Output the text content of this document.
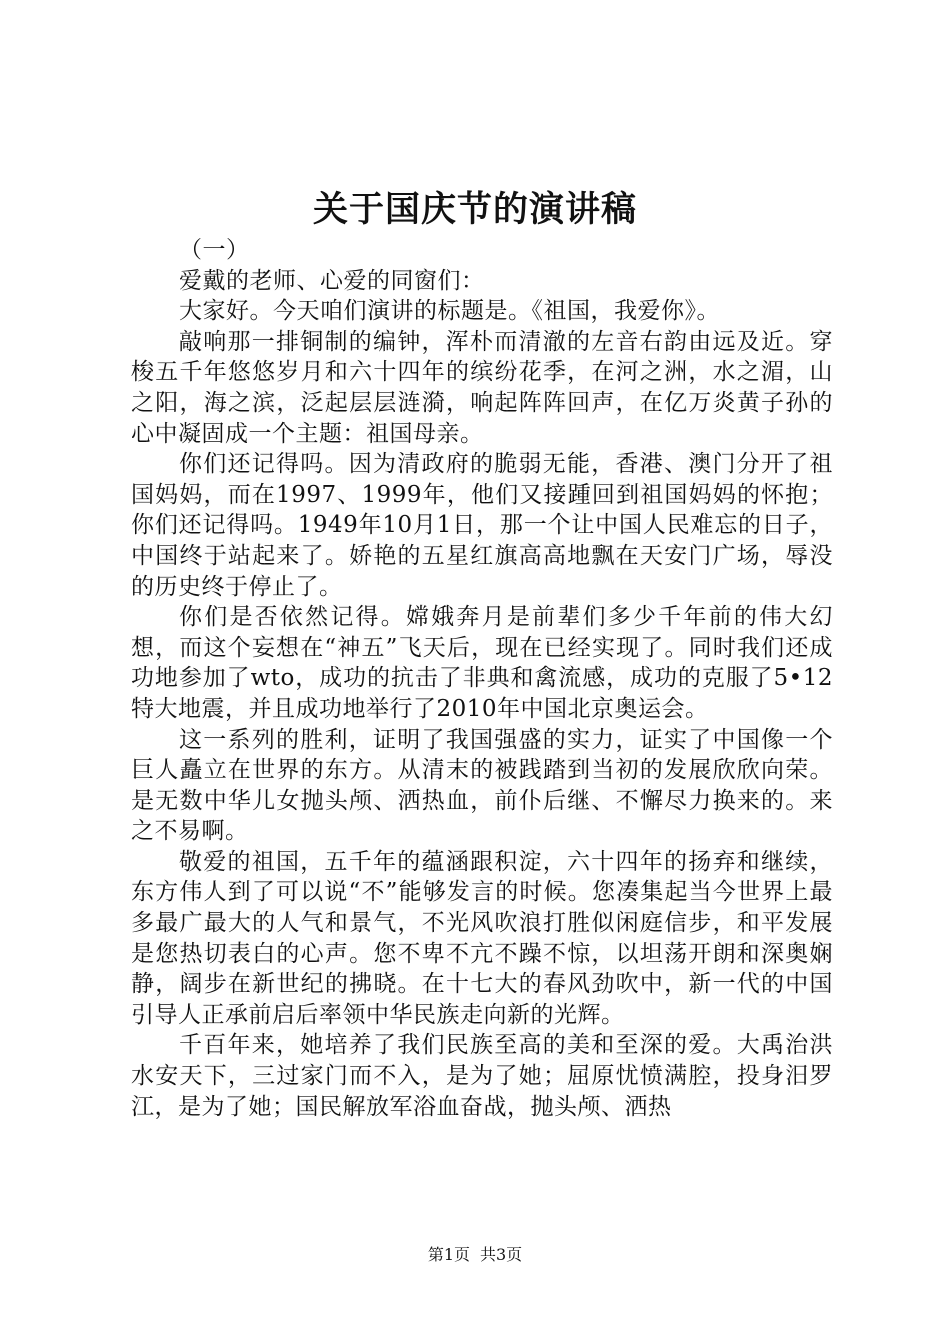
关于国庆节的演讲稿

（一）

爱戴的老师、心爱的同窗们：

大家好。今天咱们演讲的标题是。《祖国，我爱你》。

敲响那一排铜制的编钟，浑朴而清澈的左音右韵由远及近。穿梭五千年悠悠岁月和六十四年的缤纷花季，在河之洲，水之湄，山之阳，海之滨，泛起层层涟漪，响起阵阵回声，在亿万炎黄子孙的心中凝固成一个主题：祖国母亲。

你们还记得吗。因为清政府的脆弱无能，香港、澳门分开了祖国妈妈，而在1997、1999年，他们又接踵回到祖国妈妈的怀抱；你们还记得吗。1949年10月1日，那一个让中国人民难忘的日子，中国终于站起来了。娇艳的五星红旗高高地飘在天安门广场，辱没的历史终于停止了。

你们是否依然记得。嫦娥奔月是前辈们多少千年前的伟大幻想，而这个妄想在“神五”飞天后，现在已经实现了。同时我们还成功地参加了wto，成功的抗击了非典和禽流感，成功的克服了5•12特大地震，并且成功地举行了2010年中国北京奥运会。

这一系列的胜利，证明了我国强盛的实力，证实了中国像一个巨人矗立在世界的东方。从清末的被践踏到当初的发展欣欣向荣。是无数中华儿女抛头颅、洒热血，前仆后继、不懈尽力换来的。来之不易啊。

敬爱的祖国，五千年的蕴涵跟积淀，六十四年的扬弃和继续，东方伟人到了可以说“不”能够发言的时候。您凑集起当今世界上最多最广最大的人气和景气，不光风吹浪打胜似闲庭信步，和平发展是您热切表白的心声。您不卑不亢不躁不惊，以坦荡开朗和深奥娴静，阔步在新世纪的拂晓。在十七大的春风劲吹中，新一代的中国引导人正承前启后率领中华民族走向新的光辉。

千百年来，她培养了我们民族至高的美和至深的爱。大禹治洪水安天下，三过家门而不入，是为了她；屈原忧愤满腔，投身汨罗江，是为了她；国民解放军浴血奋战，抛头颅、洒热

第1页 共3页
